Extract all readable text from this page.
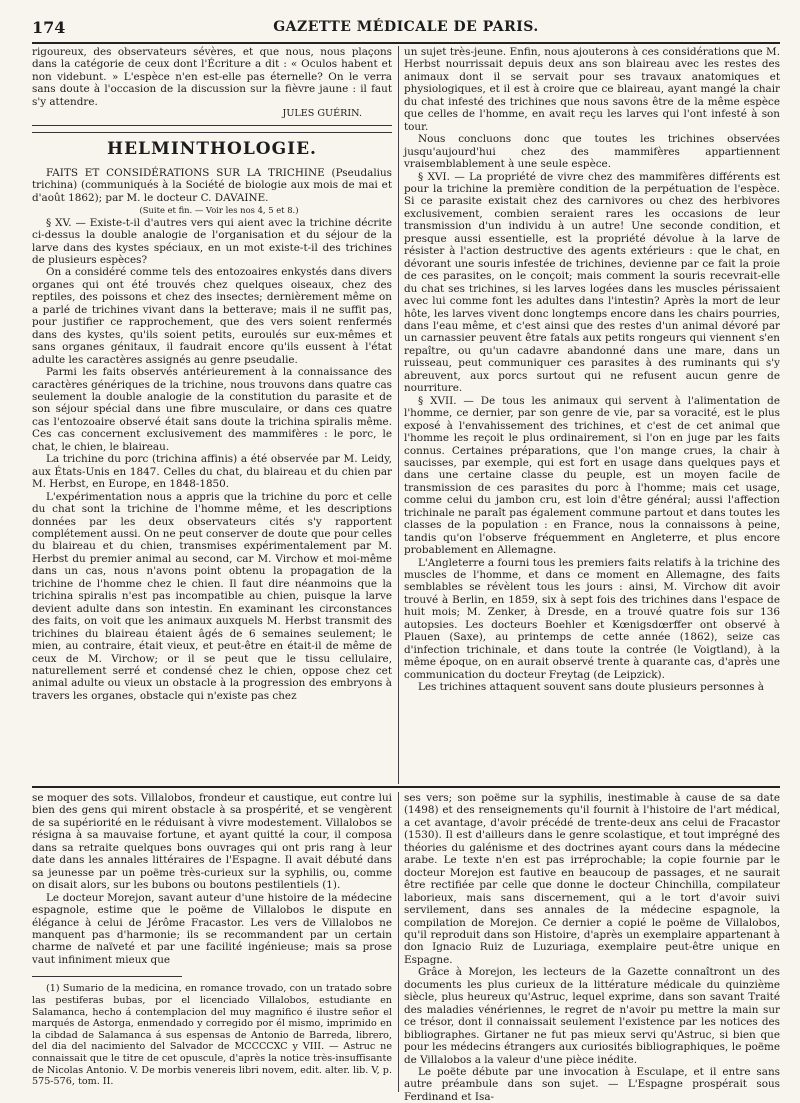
174	GAZETTE MÉDICALE DE PARIS.

rigoureux, des observateurs sévères, et que nous, nous plaçons dans la catégorie de ceux dont l'Écriture a dit : « Oculos habent et non videbunt. » L'espèce n'en est-elle pas éternelle? On le verra sans doute à l'occasion de la discussion sur la fièvre jaune : il faut s'y attendre.

JULES GUÉRIN.

HELMINTHOLOGIE.

FAITS ET CONSIDÉRATIONS SUR LA TRICHINE (Pseudalius trichina) (communiqués à la Société de biologie aux mois de mai et d'août 1862); par M. le docteur C. DAVAINE.

(Suite et fin. — Voir les nos 4, 5 et 8.)

§ XV. — Existe-t-il d'autres vers qui aient avec la trichine décrite ci-dessus la double analogie de l'organisation et du séjour de la larve dans des kystes spéciaux, en un mot existe-t-il des trichines de plusieurs espèces?

On a considéré comme tels des entozoaires enkystés dans divers organes qui ont été trouvés chez quelques oiseaux, chez des reptiles, des poissons et chez des insectes; dernièrement même on a parlé de trichines vivant dans la betterave; mais il ne suffit pas, pour justifier ce rapprochement, que des vers soient renfermés dans des kystes, qu'ils soient petits, euroulés sur eux-mêmes et sans organes génitaux, il faudrait encore qu'ils eussent à l'état adulte les caractères assignés au genre pseudalie.

Parmi les faits observés antérieurement à la connaissance des caractères génériques de la trichine, nous trouvons dans quatre cas seulement la double analogie de la constitution du parasite et de son séjour spécial dans une fibre musculaire, or dans ces quatre cas l'entozoaire observé était sans doute la trichina spiralis même. Ces cas concernent exclusivement des mammifères : le porc, le chat, le chien, le blaireau.

La trichine du porc (trichina affinis) a été observée par M. Leidy, aux États-Unis en 1847. Celles du chat, du blaireau et du chien par M. Herbst, en Europe, en 1848-1850.

L'expérimentation nous a appris que la trichine du porc et celle du chat sont la trichine de l'homme même, et les descriptions données par les deux observateurs cités s'y rapportent complétement aussi. On ne peut conserver de doute que pour celles du blaireau et du chien, transmises expérimentalement par M. Herbst du premier animal au second, car M. Virchow et moi-même dans un cas, nous n'avons point obtenu la propagation de la trichine de l'homme chez le chien. Il faut dire néanmoins que la trichina spiralis n'est pas incompatible au chien, puisque la larve devient adulte dans son intestin. En examinant les circonstances des faits, on voit que les animaux auxquels M. Herbst transmit des trichines du blaireau étaient âgés de 6 semaines seulement; le mien, au contraire, était vieux, et peut-être en était-il de même de ceux de M. Virchow; or il se peut que le tissu cellulaire, naturellement serré et condensé chez le chien, oppose chez cet animal adulte ou vieux un obstacle à la progression des embryons à travers les organes, obstacle qui n'existe pas chez

un sujet très-jeune. Enfin, nous ajouterons à ces considérations que M. Herbst nourrissait depuis deux ans son blaireau avec les restes des animaux dont il se servait pour ses travaux anatomiques et physiologiques, et il est à croire que ce blaireau, ayant mangé la chair du chat infesté des trichines que nous savons être de la même espèce que celles de l'homme, en avait reçu les larves qui l'ont infesté à son tour.

Nous concluons donc que toutes les trichines observées jusqu'aujourd'hui chez des mammifères appartiennent vraisemblablement à une seule espèce.

§ XVI. — La propriété de vivre chez des mammifères différents est pour la trichine la première condition de la perpétuation de l'espèce. Si ce parasite existait chez des carnivores ou chez des herbivores exclusivement, combien seraient rares les occasions de leur transmission d'un individu à un autre! Une seconde condition, et presque aussi essentielle, est la propriété dévolue à la larve de résister à l'action destructive des agents extérieurs : que le chat, en dévorant une souris infestée de trichines, devienne par ce fait la proie de ces parasites, on le conçoit; mais comment la souris recevrait-elle du chat ses trichines, si les larves logées dans les muscles périssaient avec lui comme font les adultes dans l'intestin? Après la mort de leur hôte, les larves vivent donc longtemps encore dans les chairs pourries, dans l'eau même, et c'est ainsi que des restes d'un animal dévoré par un carnassier peuvent être fatals aux petits rongeurs qui viennent s'en repaître, ou qu'un cadavre abandonné dans une mare, dans un ruisseau, peut communiquer ces parasites à des ruminants qui s'y abreuvent, aux porcs surtout qui ne refusent aucun genre de nourriture.

§ XVII. — De tous les animaux qui servent à l'alimentation de l'homme, ce dernier, par son genre de vie, par sa voracité, est le plus exposé à l'envahissement des trichines, et c'est de cet animal que l'homme les reçoit le plus ordinairement, si l'on en juge par les faits connus. Certaines préparations, que l'on mange crues, la chair à saucisses, par exemple, qui est fort en usage dans quelques pays et dans une certaine classe du peuple, est un moyen facile de transmission de ces parasites du porc à l'homme; mais cet usage, comme celui du jambon cru, est loin d'être général; aussi l'affection trichinale ne paraît pas également commune partout et dans toutes les classes de la population : en France, nous la connaissons à peine, tandis qu'on l'observe fréquemment en Angleterre, et plus encore probablement en Allemagne.

L'Angleterre a fourni tous les premiers faits relatifs à la trichine des muscles de l'homme, et dans ce moment en Allemagne, des faits semblables se révèlent tous les jours : ainsi, M. Virchow dit avoir trouvé à Berlin, en 1859, six à sept fois des trichines dans l'espace de huit mois; M. Zenker, à Dresde, en a trouvé quatre fois sur 136 autopsies. Les docteurs Boehler et Kœnigsdœrffer ont observé à Plauen (Saxe), au printemps de cette année (1862), seize cas d'infection trichinale, et dans toute la contrée (le Voigtland), à la même époque, on en aurait observé trente à quarante cas, d'après une communication du docteur Freytag (de Leipzick).

Les trichines attaquent souvent sans doute plusieurs personnes à

se moquer des sots. Villalobos, frondeur et caustique, eut contre lui bien des gens qui mirent obstacle à sa prospérité, et se vengèrent de sa supériorité en le réduisant à vivre modestement. Villalobos se résigna à sa mauvaise fortune, et ayant quitté la cour, il composa dans sa retraite quelques bons ouvrages qui ont pris rang à leur date dans les annales littéraires de l'Espagne. Il avait débuté dans sa jeunesse par un poëme très-curieux sur la syphilis, ou, comme on disait alors, sur les bubons ou boutons pestilentiels (1).

Le docteur Morejon, savant auteur d'une histoire de la médecine espagnole, estime que le poëme de Villalobos le dispute en élégance à celui de Jérôme Fracastor. Les vers de Villalobos ne manquent pas d'harmonie; ils se recommandent par un certain charme de naïveté et par une facilité ingénieuse; mais sa prose vaut infiniment mieux que

(1) Sumario de la medicina, en romance trovado, con un tratado sobre las pestiferas bubas, por el licenciado Villalobos, estudiante en Salamanca, hecho á contemplacion del muy magnifico é ilustre señor el marqués de Astorga, enmendado y corregido por él mismo, imprimido en la cibdad de Salamanca á sus espensas de Antonio de Barreda, librero, del dia del nacimiento del Salvador de MCCCCXC y VIII. — Astruc ne connaissait que le titre de cet opuscule, d'après la notice très-insuffisante de Nicolas Antonio. V. De morbis venereis libri novem, edit. alter. lib. V, p. 575-576, tom. II.

ses vers; son poëme sur la syphilis, inestimable à cause de sa date (1498) et des renseignements qu'il fournit à l'histoire de l'art médical, a cet avantage, d'avoir précédé de trente-deux ans celui de Fracastor (1530). Il est d'ailleurs dans le genre scolastique, et tout imprégné des théories du galénisme et des doctrines ayant cours dans la médecine arabe. Le texte n'en est pas irréprochable; la copie fournie par le docteur Morejon est fautive en beaucoup de passages, et ne saurait être rectifiée par celle que donne le docteur Chinchilla, compilateur laborieux, mais sans discernement, qui a le tort d'avoir suivi servilement, dans ses annales de la médecine espagnole, la compilation de Morejon. Ce dernier a copié le poëme de Villalobos, qu'il reproduit dans son Histoire, d'après un exemplaire appartenant à don Ignacio Ruiz de Luzuriaga, exemplaire peut-être unique en Espagne.

Grâce à Morejon, les lecteurs de la Gazette connaîtront un des documents les plus curieux de la littérature médicale du quinzième siècle, plus heureux qu'Astruc, lequel exprime, dans son savant Traité des maladies vénériennes, le regret de n'avoir pu mettre la main sur ce trésor, dont il connaissait seulement l'existence par les notices des bibliographes. Girtaner ne fut pas mieux servi qu'Astruc, si bien que pour les médecins étrangers aux curiosités bibliographiques, le poëme de Villalobos a la valeur d'une pièce inédite.

Le poëte débute par une invocation à Esculape, et il entre sans autre préambule dans son sujet. — L'Espagne prospérait sous Ferdinand et Isa-
